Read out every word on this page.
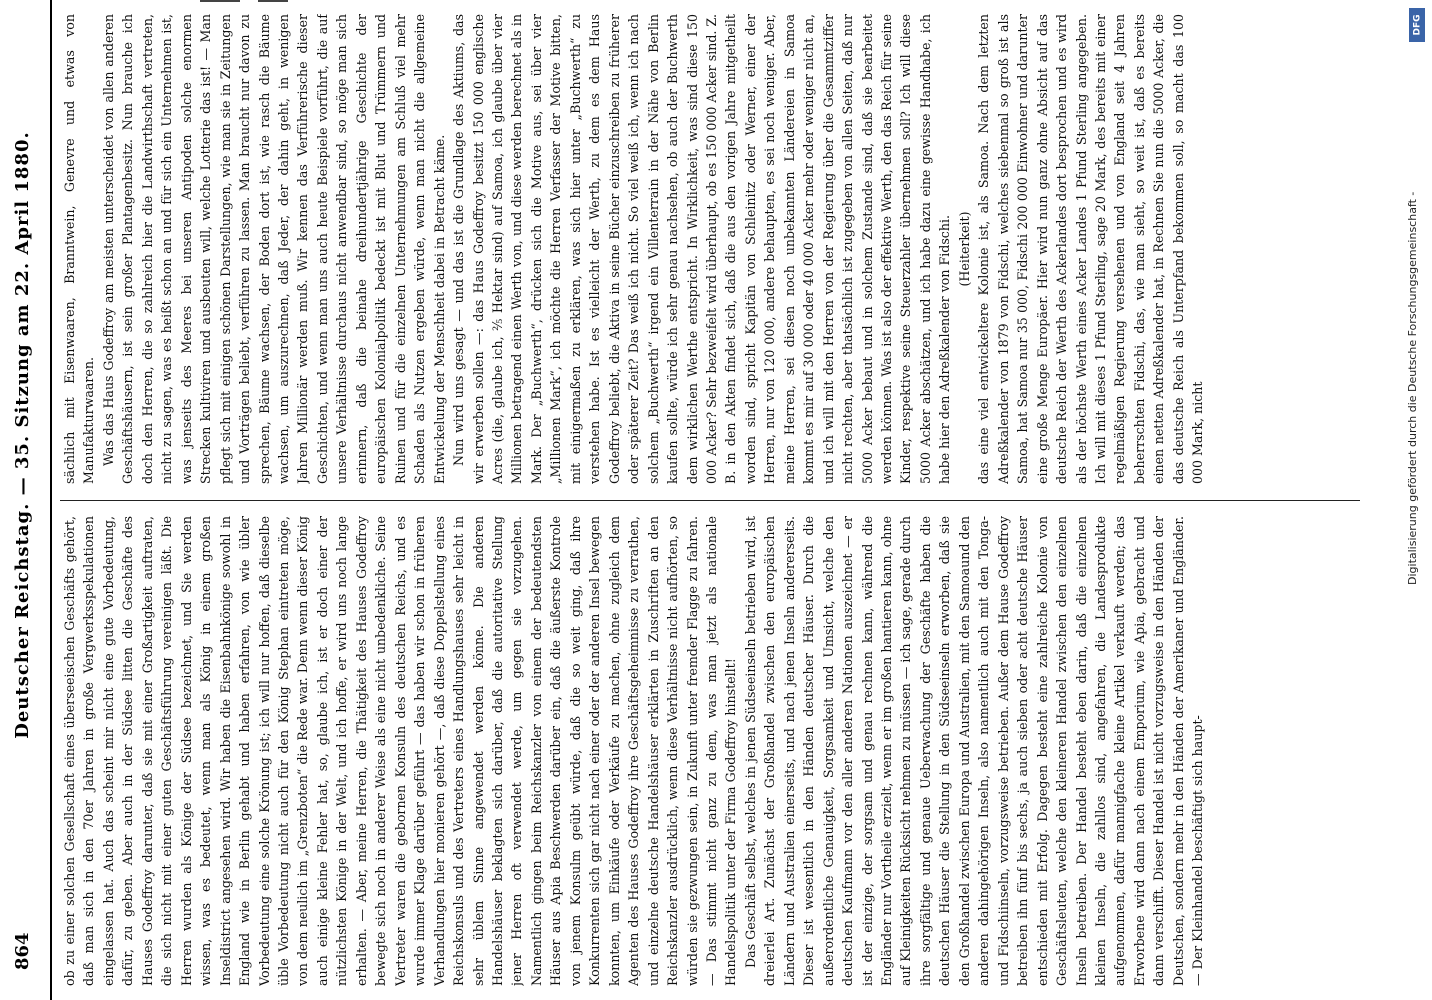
864
Deutscher Reichstag. — 35. Sitzung am 22. April 1880.

ob zu einer solchen Gesellschaft eines überseeischen Geschäfts gehört, daß man sich in den 70er Jahren in große Vergwerksspekulationen eingelassen hat. Auch das scheint mir nicht eine gute Vorbedeutung, dafür, zu geben. Aber auch in der Südsee litten die Geschäfte des Hauses Godeffroy darunter, daß sie mit einer Großartigkeit auftraten, die sich nicht mit einer guten Geschäftsführung vereinigen läßt. Die Herren wurden als Könige der Südsee bezeichnet, und Sie werden wissen, was es bedeutet, wenn man als König in einem großen Inseldistrict angesehen wird. Wir haben die Eisenbahnkönige sowohl in England wie in Berlin gehabt und haben erfahren, von wie übler Vorbedeutung eine solche Krönung ist; ich will nur hoffen, daß dieselbe üble Vorbedeutung nicht auch für den König Stephan eintreten möge, von dem neulich im „Grenzboten“ die Rede war. Denn wenn dieser König auch einige kleine Fehler hat, so, glaube ich, ist er doch einer der nützlichsten Könige in der Welt, und ich hoffe, er wird uns noch lange erhalten. — Aber, meine Herren, die Thätigkeit des Hauses Godeffroy bewegte sich noch in anderer Weise als eine nicht unbedenkliche. Seine Vertreter waren die gebornen Konsuln des deutschen Reichs, und es wurde immer Klage darüber geführt — das haben wir schon in früheren Verhandlungen hier monieren gehört —, daß diese Doppelstellung eines Reichskonsuls und des Vertreters eines Handlungshauses sehr leicht in sehr üblem Sinne angewendet werden könne. Die anderen Handelshäuser beklagten sich darüber, daß die autoritative Stellung jener Herren oft verwendet werde, um gegen sie vorzugehen. Namentlich gingen beim Reichskanzler von einem der bedeutendsten Häuser aus Apia Beschwerden darüber ein, daß die äußerste Kontrole von jenem Konsulm geübt würde, daß die so weit ging, daß ihre Konkurrenten sich gar nicht nach einer oder der anderen Insel bewegen konnten, um Einkäufe oder Verkäufe zu machen, ohne zugleich dem Agenten des Hauses Godeffroy ihre Geschäftsgeheimnisse zu verrathen, und einzelne deutsche Handelshäuser erklärten in Zuschriften an den Reichskanzler ausdrücklich, wenn diese Verhältnisse nicht aufhörten, so würden sie gezwungen sein, in Zukunft unter fremder Flagge zu fahren. — Das stimmt nicht ganz zu dem, was man jetzt als nationale Handelspolitik unter der Firma Godeffroy hinstellt! Das Geschäft selbst, welches in jenen Südseeinseln betrieben wird, ist dreierlei Art. Zunächst der Großhandel zwischen den europäischen Ländern und Australien einerseits, und nach jenen Inseln andererseits. Dieser ist wesentlich in den Händen deutscher Häuser. Durch die außerordentliche Genauigkeit, Sorgsamkeit und Umsicht, welche den deutschen Kaufmann vor den aller anderen Nationen auszeichnet — er ist der einzige, der sorgsam und genau rechnen kann, während die Engländer nur Vortheile erzielt, wenn er im großen hantieren kann, ohne auf Kleinigkeiten Rücksicht nehmen zu müssen — ich sage, gerade durch ihre sorgfältige und genaue Ueberwachung der Geschäfte haben die deutschen Häuser die Stellung in den Südseeinseln erworben, daß sie den Großhandel zwischen Europa und Australien, mit den Samoaund den anderen dahingehörigen Inseln, also namentlich auch mit den Tonga- und Fidschiinseln, vorzugsweise betrieben. Außer dem Hause Godeffroy betreiben ihn fünf bis sechs, ja auch sieben oder acht deutsche Häuser entschieden mit Erfolg. Dagegen besteht eine zahlreiche Kolonie von Geschäftsleuten, welche den kleineren Handel zwischen den einzelnen Inseln betreiben. Der Handel besteht eben darin, daß die einzelnen kleinen Inseln, die zahllos sind, angefahren, die Landesprodukte aufgenommen, dafür mannigfache kleine Artikel verkauft werden; das Erworbene wird dann nach einem Emporium, wie Apia, gebracht und dann verschifft. Dieser Handel ist nicht vorzugsweise in den Händen der Deutschen, sondern mehr in den Händen der Amerikaner und Engländer. — Der Kleinhandel beschäftigt sich haupt-

sächlich mit Eisenwaaren, Branntwein, Genevre und etwas von Manufakturwaaren. Was das Haus Godeffroy am meisten unterscheidet von allen anderen Geschäftshäusern, ist sein großer Plantagenbesitz. Nun brauche ich doch den Herren, die so zahlreich hier die Landwirthschaft vertreten, nicht zu sagen, was es heißt schon an und für sich ein Unternehmen ist, was jenseits des Meeres bei unseren Antipoden solche enormen Strecken kultiviren und ausbeuten will, welche Lotterie das ist! — Man pflegt sich mit einigen schönen Darstellungen, wie man sie in Zeitungen und Vorträgen beliebt, verführen zu lassen. Man braucht nur davon zu sprechen, Bäume wachsen, der Boden dort ist, wie rasch die Bäume wachsen, um auszurechnen, daß Jeder, der dahin geht, in wenigen Jahren Millionär werden muß. Wir kennen das Verführerische dieser Geschichten, und wenn man uns auch heute Beispiele vorführt, die auf unsere Verhältnisse durchaus nicht anwendbar sind, so möge man sich erinnern, daß die beinahe dreihundertjährige Geschichte der europäischen Kolonialpolitik bedeckt ist mit Blut und Trümmern und Ruinen und für die einzelnen Unternehmungen am Schluß viel mehr Schaden als Nutzen ergeben würde, wenn man nicht die allgemeine Entwickelung der Menschheit dabei in Betracht käme. Nun wird uns gesagt — und das ist die Grundlage des Aktiums, das wir erwerben sollen —: das Haus Godeffroy besitzt 150 000 englische Acres (die, glaube ich, ²⁄₅ Hektar sind) auf Samoa, ich glaube über vier Millionen betragend einen Werth von, und diese werden berechnet als in Mark. Der „Buchwerth“, drücken sich die Motive aus, sei über vier „Millionen Mark“, ich möchte die Herren Verfasser der Motive bitten, mit einigermaßen zu erklären, was sich hier unter „Buchwerth“ zu verstehen habe. Ist es vielleicht der Werth, zu dem es dem Haus Godeffroy beliebt, die Aktiva in seine Bücher einzuschreiben zu früherer oder späterer Zeit? Das weiß ich nicht. So viel weiß ich, wenn ich nach solchem „Buchwerth“ irgend ein Villenterrain in der Nähe von Berlin kaufen sollte, würde ich sehr genau nachsehen, ob auch der Buchwerth dem wirklichen Werthe entspricht. In Wirklichkeit, was sind diese 150 000 Acker? Sehr bezweifelt wird überhaupt, ob es 150 000 Acker sind. Z. B. in den Akten findet sich, daß die aus den vorigen Jahre mitgetheilt worden sind, spricht Kapitän von Schleinitz oder Werner, einer der Herren, nur von 120 000, andere behaupten, es sei noch weniger. Aber, meine Herren, sei diesen noch unbekannten Ländereien in Samoa kommt es mir auf 30 000 oder 40 000 Acker mehr oder weniger nicht an, und ich will mit den Herren von der Regierung über die Gesammtziffer nicht rechten, aber thatsächlich ist zugegeben von allen Seiten, daß nur 5000 Acker bebaut und in solchem Zustande sind, daß sie bearbeitet werden können. Was ist also der effektive Werth, den das Reich für seine Kinder, respektive seine Steuerzahler übernehmen soll? Ich will diese 5000 Acker abschätzen, und ich habe dazu eine gewisse Handhabe, ich habe hier den Adreßkalender von Fidschi. (Heiterkeit) das eine viel entwickeltere Kolonie ist, als Samoa. Nach dem letzten Adreßkalender von 1879 von Fidschi, welches siebenmal so groß ist als Samoa, hat Samoa nur 35 000, Fidschi 200 000 Einwohner und darunter eine große Menge Europäer. Hier wird nun ganz ohne Absicht auf das deutsche Reich der Werth des Ackerlandes dort besprochen und es wird als der höchste Werth eines Acker Landes 1 Pfund Sterling angegeben. Ich will mit dieses 1 Pfund Sterling, sage 20 Mark, des bereits mit einer regelmäßigen Regierung versehenen und von England seit 4 Jahren beherrschten Fidschi, das, wie man sieht, so weit ist, daß es bereits einen netten Adreßkalender hat, in Rechnen Sie nun die 5000 Acker, die das deutsche Reich als Unterpfand bekommen soll, so macht das 100 000 Mark, nicht

DFG
Digitalisierung gefördert durch die Deutsche Forschungsgemeinschaft -
